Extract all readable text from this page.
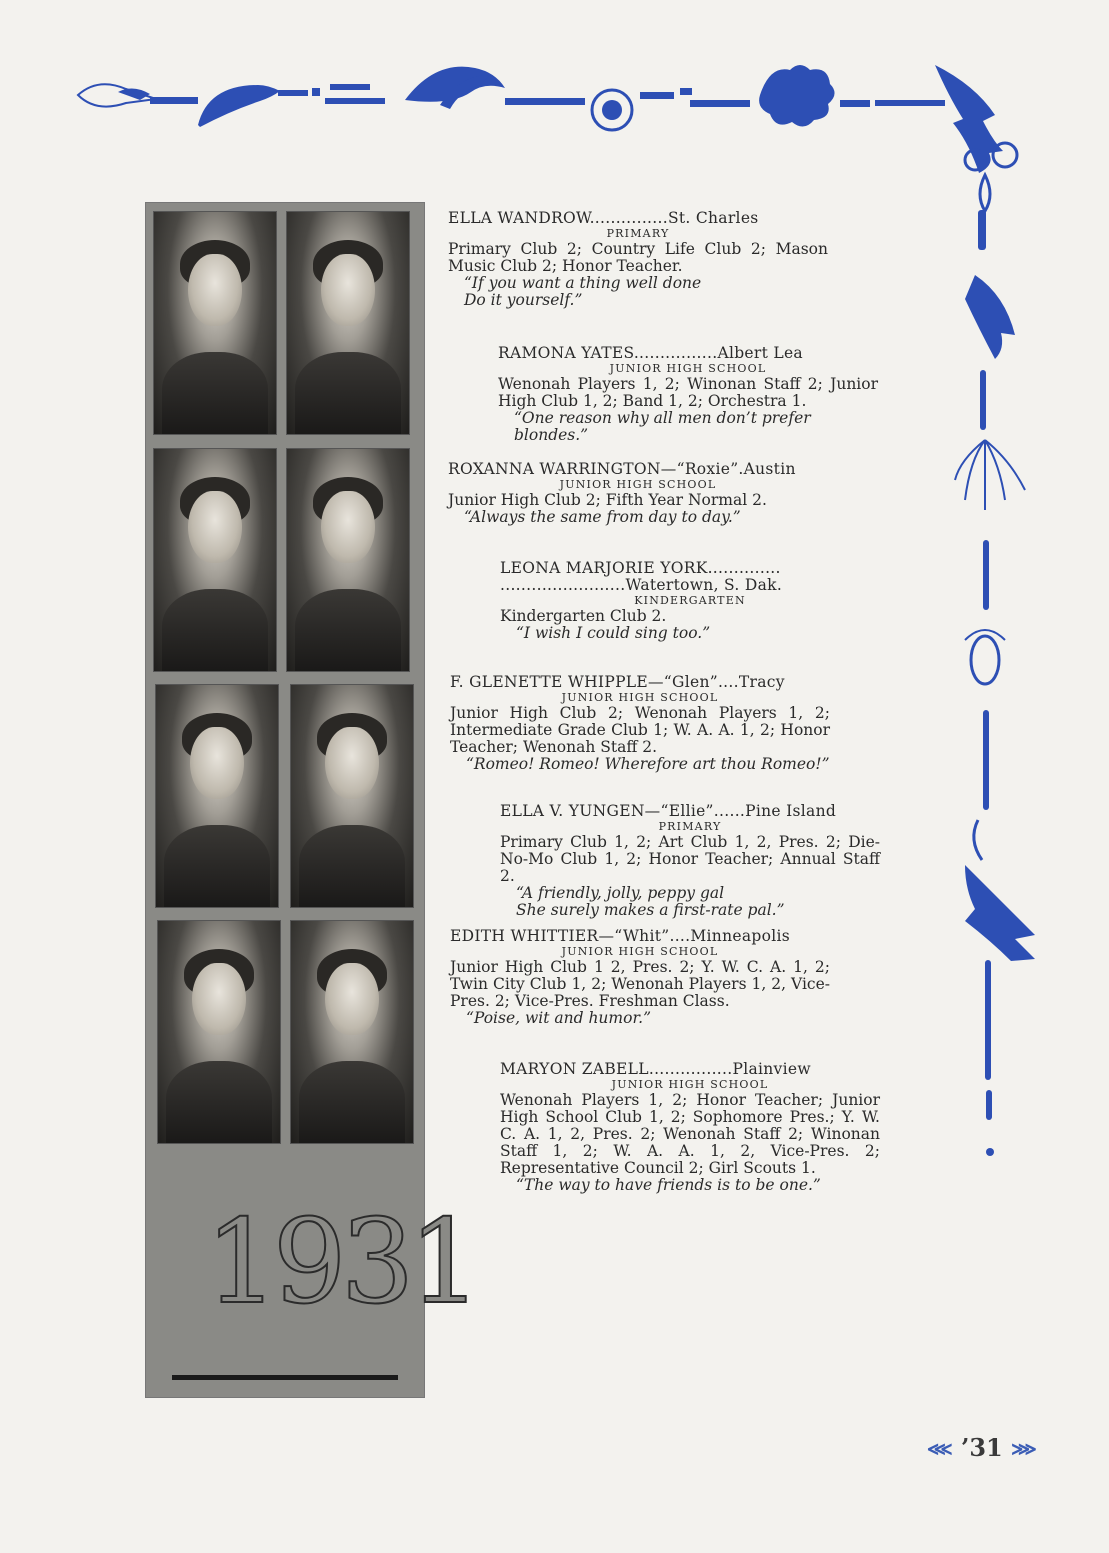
1931
ELLA WANDROW...............St. Charles
PRIMARY
Primary Club 2; Country Life Club 2; Mason Music Club 2; Honor Teacher.
“If you want a thing well done
Do it yourself.”
RAMONA YATES................Albert Lea
JUNIOR HIGH SCHOOL
Wenonah Players 1, 2; Winonan Staff 2; Junior High Club 1, 2; Band 1, 2; Orchestra 1.
“One reason why all men don’t prefer blondes.”
ROXANNA WARRINGTON—“Roxie”.Austin
JUNIOR HIGH SCHOOL
Junior High Club 2; Fifth Year Normal 2.
“Always the same from day to day.”
LEONA MARJORIE YORK..............
........................Watertown, S. Dak.
KINDERGARTEN
Kindergarten Club 2.
“I wish I could sing too.”
F. GLENETTE WHIPPLE—“Glen”....Tracy
JUNIOR HIGH SCHOOL
Junior High Club 2; Wenonah Players 1, 2; Intermediate Grade Club 1; W. A. A. 1, 2; Honor Teacher; Wenonah Staff 2.
“Romeo! Romeo! Wherefore art thou Romeo!”
ELLA V. YUNGEN—“Ellie”......Pine Island
PRIMARY
Primary Club 1, 2; Art Club 1, 2, Pres. 2; Die-No-Mo Club 1, 2; Honor Teacher; Annual Staff 2.
“A friendly, jolly, peppy gal
She surely makes a first-rate pal.”
EDITH WHITTIER—“Whit”....Minneapolis
JUNIOR HIGH SCHOOL
Junior High Club 1 2, Pres. 2; Y. W. C. A. 1, 2; Twin City Club 1, 2; Wenonah Players 1, 2, Vice-Pres. 2; Vice-Pres. Freshman Class.
“Poise, wit and humor.”
MARYON ZABELL................Plainview
JUNIOR HIGH SCHOOL
Wenonah Players 1, 2; Honor Teacher; Junior High School Club 1, 2; Sophomore Pres.; Y. W. C. A. 1, 2, Pres. 2; Wenonah Staff 2; Winonan Staff 1, 2; W. A. A. 1, 2, Vice-Pres. 2; Representative Council 2; Girl Scouts 1.
“The way to have friends is to be one.”
⋘ ’31 ⋙
